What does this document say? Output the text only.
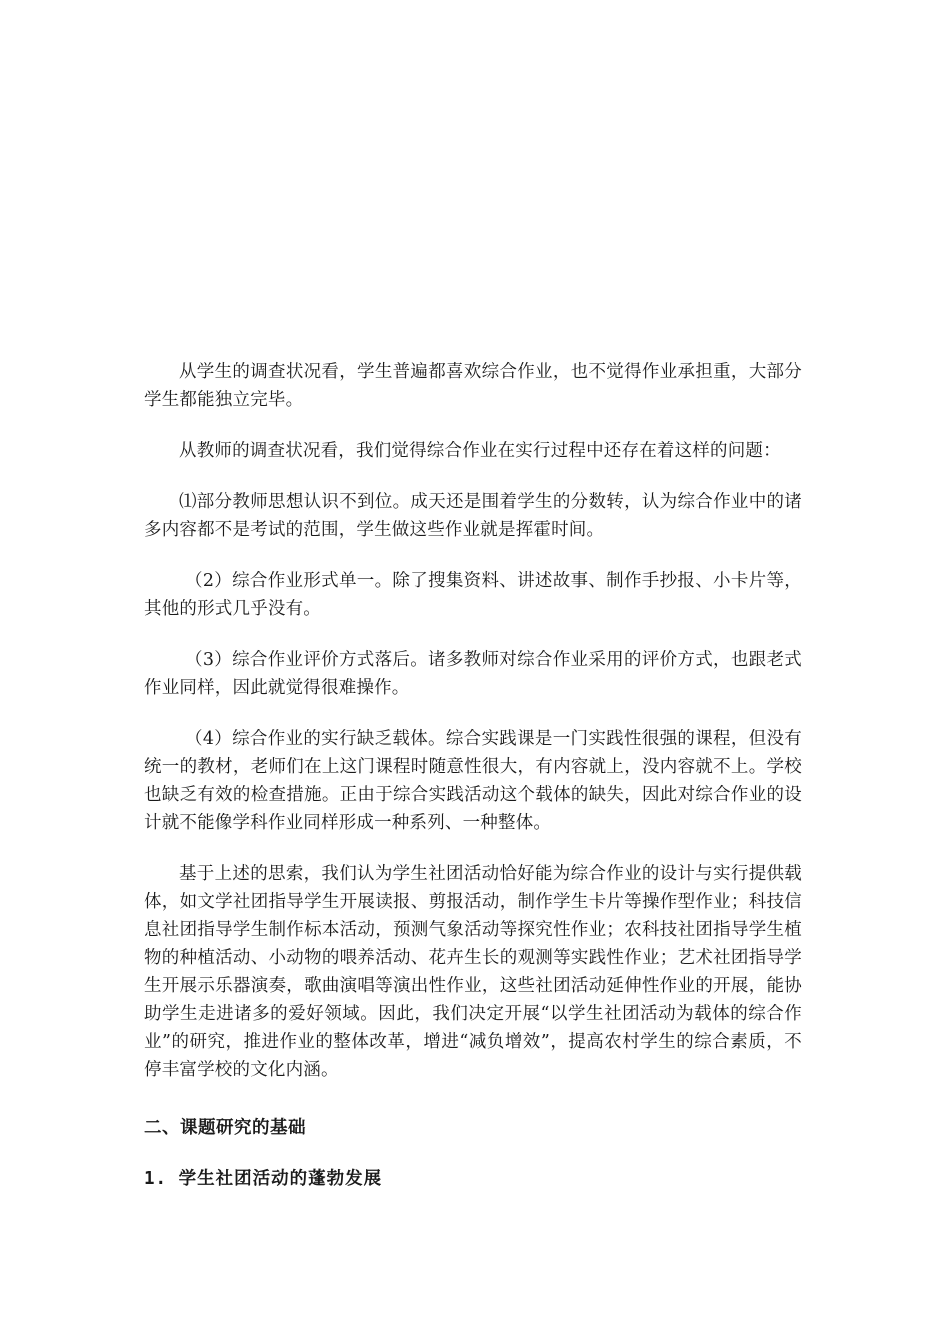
从学生的调查状况看，学生普遍都喜欢综合作业，也不觉得作业承担重，大部分学生都能独立完毕。

从教师的调查状况看，我们觉得综合作业在实行过程中还存在着这样的问题：

⑴部分教师思想认识不到位。成天还是围着学生的分数转，认为综合作业中的诸多内容都不是考试的范围，学生做这些作业就是挥霍时间。

（2）综合作业形式单一。除了搜集资料、讲述故事、制作手抄报、小卡片等，其他的形式几乎没有。

（3）综合作业评价方式落后。诸多教师对综合作业采用的评价方式，也跟老式作业同样，因此就觉得很难操作。

（4）综合作业的实行缺乏载体。综合实践课是一门实践性很强的课程，但没有统一的教材，老师们在上这门课程时随意性很大，有内容就上，没内容就不上。学校也缺乏有效的检查措施。正由于综合实践活动这个载体的缺失，因此对综合作业的设计就不能像学科作业同样形成一种系列、一种整体。

基于上述的思索，我们认为学生社团活动恰好能为综合作业的设计与实行提供载体，如文学社团指导学生开展读报、剪报活动，制作学生卡片等操作型作业；科技信息社团指导学生制作标本活动，预测气象活动等探究性作业；农科技社团指导学生植物的种植活动、小动物的喂养活动、花卉生长的观测等实践性作业；艺术社团指导学生开展示乐器演奏，歌曲演唱等演出性作业，这些社团活动延伸性作业的开展，能协助学生走进诸多的爱好领域。因此，我们决定开展“以学生社团活动为载体的综合作业”的研究，推进作业的整体改革，增进“减负增效”，提高农村学生的综合素质，不停丰富学校的文化内涵。

二、课题研究的基础
1. 学生社团活动的蓬勃发展
